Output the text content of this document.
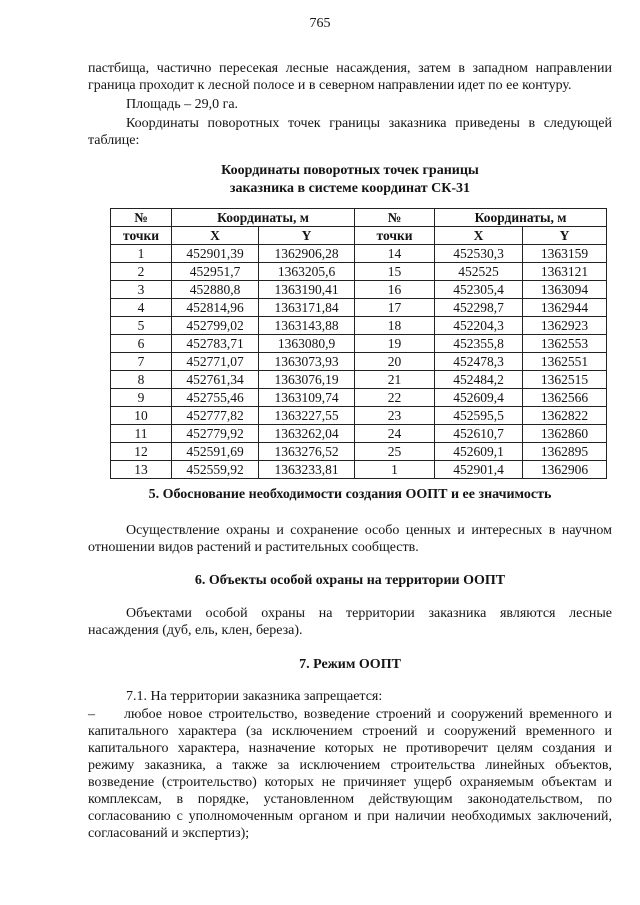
765

пастбища, частично пересекая лесные насаждения, затем в западном направлении граница проходит к лесной полосе и в северном направлении идет по ее контуру.

Площадь – 29,0 га.

Координаты поворотных точек границы заказника приведены в следующей таблице:

Координаты поворотных точек границы
заказника в системе координат СК-31
№	Координаты, м		№	Координаты, м	
точки	X	Y	точки	X	Y
1	452901,39	1362906,28	14	452530,3	1363159
2	452951,7	1363205,6	15	452525	1363121
3	452880,8	1363190,41	16	452305,4	1363094
4	452814,96	1363171,84	17	452298,7	1362944
5	452799,02	1363143,88	18	452204,3	1362923
6	452783,71	1363080,9	19	452355,8	1362553
7	452771,07	1363073,93	20	452478,3	1362551
8	452761,34	1363076,19	21	452484,2	1362515
9	452755,46	1363109,74	22	452609,4	1362566
10	452777,82	1363227,55	23	452595,5	1362822
11	452779,92	1363262,04	24	452610,7	1362860
12	452591,69	1363276,52	25	452609,1	1362895
13	452559,92	1363233,81	1	452901,4	1362906
5. Обоснование необходимости создания ООПТ и ее значимость

Осуществление охраны и сохранение особо ценных и интересных в научном отношении видов растений и растительных сообществ.

6. Объекты особой охраны на территории ООПТ

Объектами особой охраны на территории заказника являются лесные насаждения (дуб, ель, клен, береза).

7. Режим ООПТ

7.1. На территории заказника запрещается:

– любое новое строительство, возведение строений и сооружений временного и капитального характера (за исключением строений и сооружений временного и капитального характера, назначение которых не противоречит целям создания и режиму заказника, а также за исключением строительства линейных объектов, возведение (строительство) которых не причиняет ущерб охраняемым объектам и комплексам, в порядке, установленном действующим законодательством, по согласованию с уполномоченным органом и при наличии необходимых заключений, согласований и экспертиз);
